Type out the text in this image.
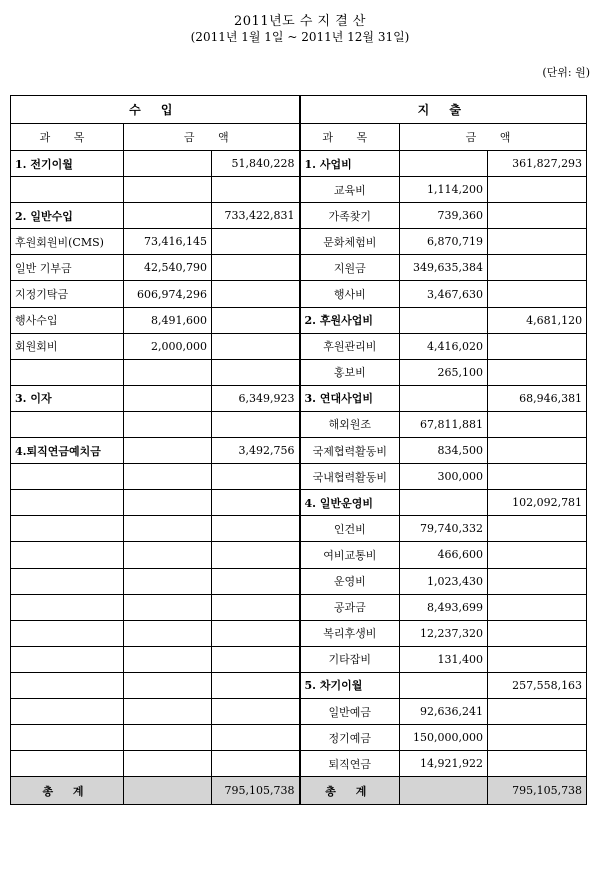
2011년도 수 지 결 산
(2011년 1월 1일 ~ 2011년 12월 31일)
(단위: 원)
수 입			지 출		
과 목	금 액		과 목	금 액	
1. 전기이월		51,840,228	1. 사업비		361,827,293
			교육비	1,114,200	
2. 일반수입		733,422,831	가족찾기	739,360	
후원회원비(CMS)	73,416,145		문화체험비	6,870,719	
일반 기부금	42,540,790		지원금	349,635,384	
지정기탁금	606,974,296		행사비	3,467,630	
행사수입	8,491,600		2. 후원사업비		4,681,120
회원회비	2,000,000		후원관리비	4,416,020	
			홍보비	265,100	
3. 이자		6,349,923	3. 연대사업비		68,946,381
			해외원조	67,811,881	
4.퇴직연금예치금		3,492,756	국제협력활동비	834,500	
			국내협력활동비	300,000	
			4. 일반운영비		102,092,781
			인건비	79,740,332	
			여비교통비	466,600	
			운영비	1,023,430	
			공과금	8,493,699	
			복리후생비	12,237,320	
			기타잡비	131,400	
			5. 차기이월		257,558,163
			일반예금	92,636,241	
			정기예금	150,000,000	
			퇴직연금	14,921,922	
총 계		795,105,738	총 계		795,105,738
